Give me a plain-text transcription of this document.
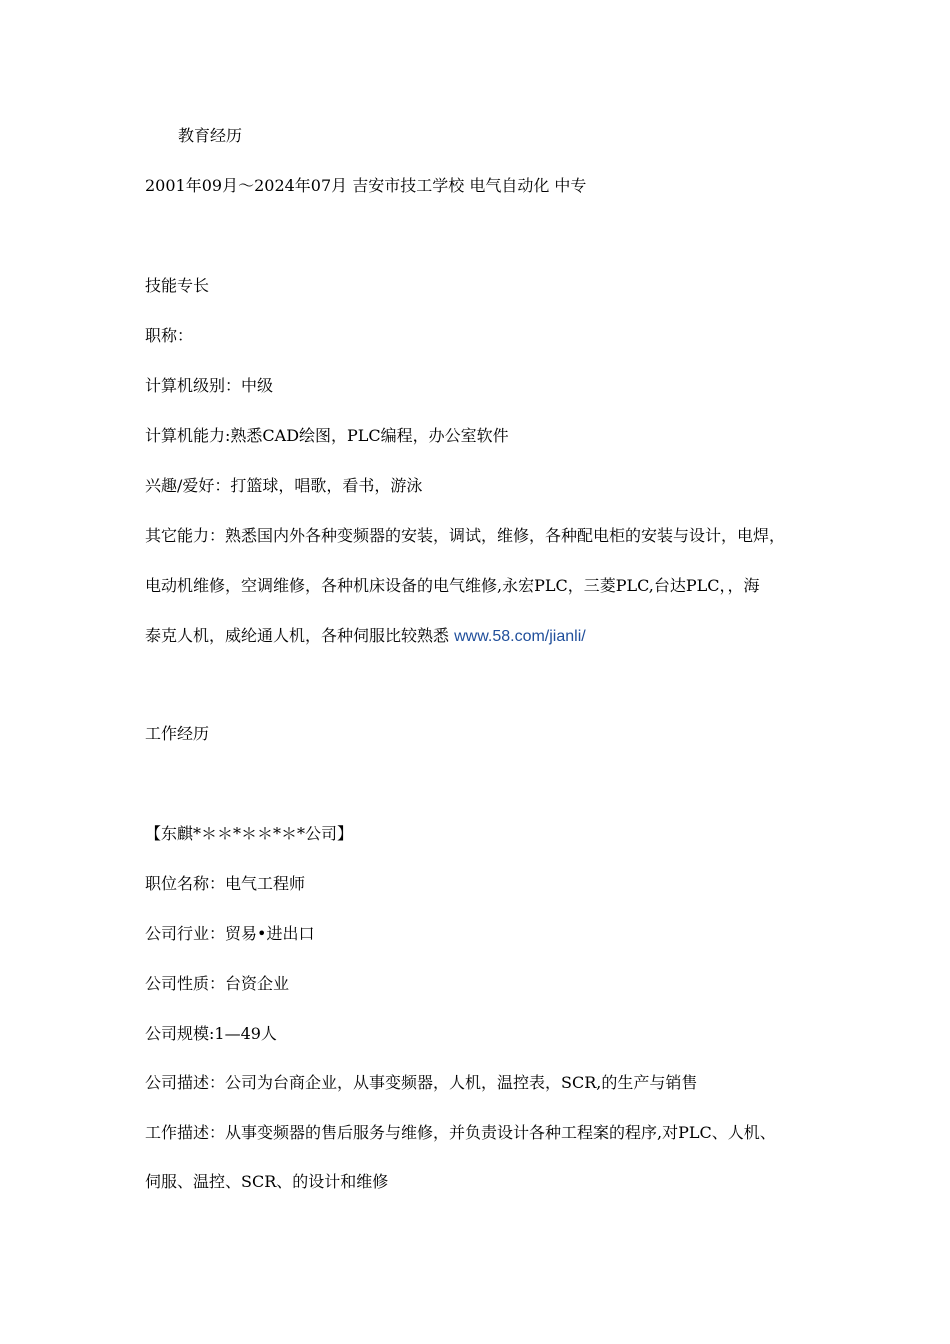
教育经历
2001年09月～2024年07月 吉安市技工学校 电气自动化 中专
技能专长
职称：
计算机级别：中级
计算机能力:熟悉CAD绘图，PLC编程，办公室软件
兴趣/爱好：打篮球，唱歌，看书，游泳
其它能力：熟悉国内外各种变频器的安装，调试，维修，各种配电柜的安装与设计，电焊，
电动机维修，空调维修，各种机床设备的电气维修,永宏PLC，三菱PLC,台达PLC，，海
泰克人机，威纶通人机，各种伺服比较熟悉 www.58.com/jianli/
工作经历
【东麒*＊＊*＊＊*＊*公司】
职位名称：电气工程师
公司行业：贸易•进出口
公司性质：台资企业
公司规模:1—49人
公司描述：公司为台商企业，从事变频器，人机，温控表，SCR,的生产与销售
工作描述：从事变频器的售后服务与维修，并负责设计各种工程案的程序,对PLC、人机、
伺服、温控、SCR、的设计和维修
